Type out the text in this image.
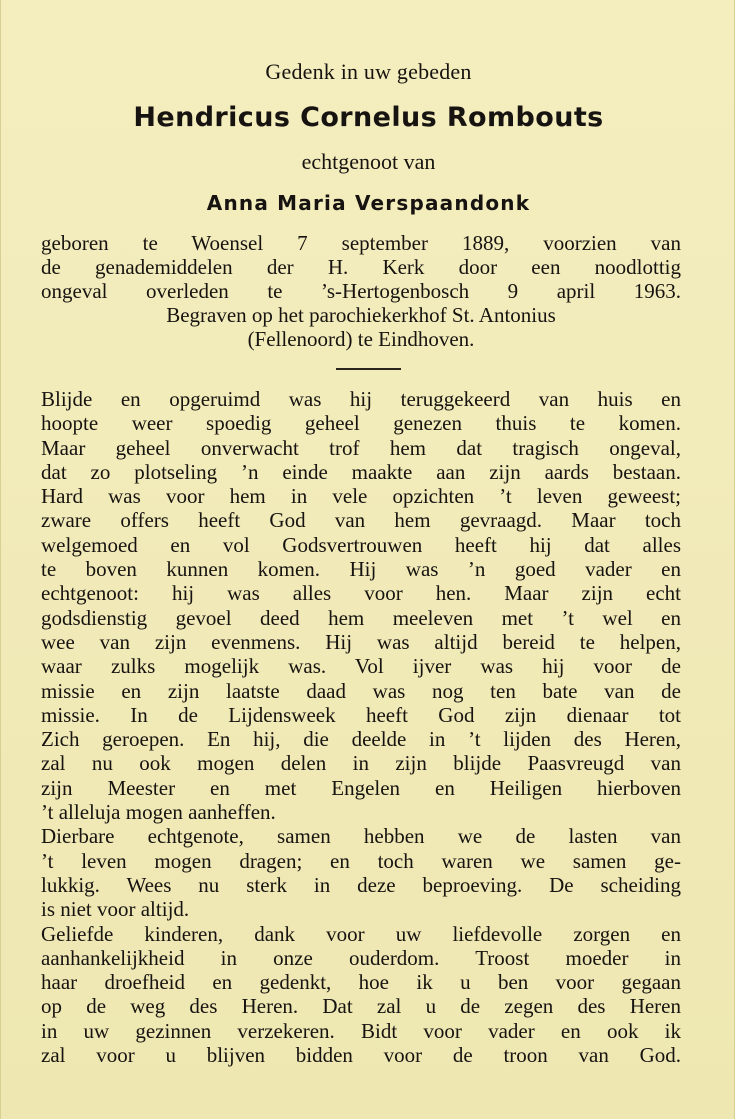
Gedenk in uw gebeden
Hendricus Cornelus Rombouts
echtgenoot van
Anna Maria Verspaandonk
geboren te Woensel 7 september 1889, voorzien van
de genademiddelen der H. Kerk door een noodlottig
ongeval overleden te ’s-Hertogenbosch 9 april 1963.
Begraven op het parochiekerkhof St. Antonius
(Fellenoord) te Eindhoven.
Blijde en opgeruimd was hij teruggekeerd van huis en
hoopte weer spoedig geheel genezen thuis te komen.
Maar geheel onverwacht trof hem dat tragisch ongeval,
dat zo plotseling ’n einde maakte aan zijn aards bestaan.
Hard was voor hem in vele opzichten ’t leven geweest;
zware offers heeft God van hem gevraagd. Maar toch
welgemoed en vol Godsvertrouwen heeft hij dat alles
te boven kunnen komen. Hij was ’n goed vader en
echtgenoot: hij was alles voor hen. Maar zijn echt
godsdienstig gevoel deed hem meeleven met ’t wel en
wee van zijn evenmens. Hij was altijd bereid te helpen,
waar zulks mogelijk was. Vol ijver was hij voor de
missie en zijn laatste daad was nog ten bate van de
missie. In de Lijdensweek heeft God zijn dienaar tot
Zich geroepen. En hij, die deelde in ’t lijden des Heren,
zal nu ook mogen delen in zijn blijde Paasvreugd van
zijn Meester en met Engelen en Heiligen hierboven
’t alleluja mogen aanheffen.
Dierbare echtgenote, samen hebben we de lasten van
’t leven mogen dragen; en toch waren we samen ge-
lukkig. Wees nu sterk in deze beproeving. De scheiding
is niet voor altijd.
Geliefde kinderen, dank voor uw liefdevolle zorgen en
aanhankelijkheid in onze ouderdom. Troost moeder in
haar droefheid en gedenkt, hoe ik u ben voor gegaan
op de weg des Heren. Dat zal u de zegen des Heren
in uw gezinnen verzekeren. Bidt voor vader en ook ik
zal voor u blijven bidden voor de troon van God.
